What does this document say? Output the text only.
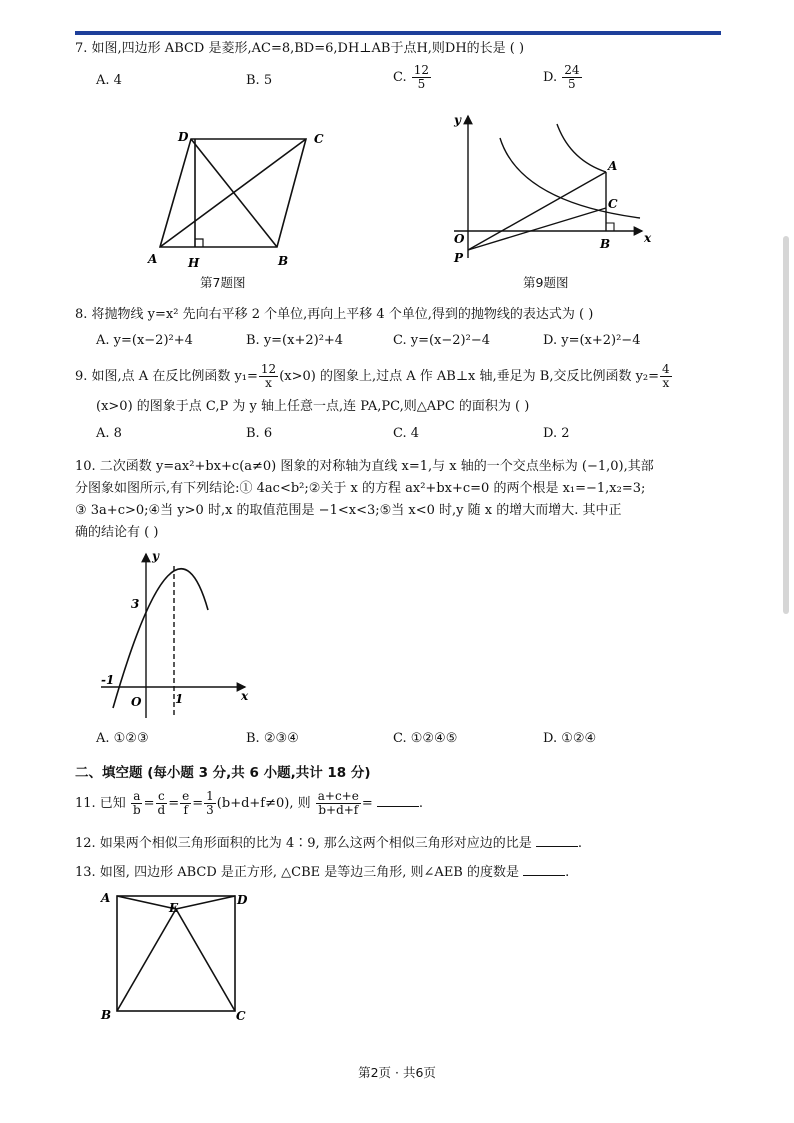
7. 如图,四边形 ABCD 是菱形,AC=8,BD=6,DH⊥AB于点H,则DH的长是 ( )
A. 4	B. 5	C. $\frac{12}{5}$	D. $\frac{24}{5}$
D	C
A	H	B
第7题图
y
x
O
P
A
C
B
第9题图
8. 将抛物线 y=x² 先向右平移 2 个单位,再向上平移 4 个单位,得到的抛物线的表达式为 ( )
A. y=(x−2)²+4	B. y=(x+2)²+4	C. y=(x−2)²−4	D. y=(x+2)²−4
9. 如图,点 A 在反比例函数 $y_1= \frac{12}{x} (x>0)$ 的图象上,过点 A 作 AB⊥x 轴,垂足为 B,交反比例函数 $y_2= \frac{4}{x}$
(x>0) 的图象于点 C,P 为 y 轴上任意一点,连 PA,PC,则△APC 的面积为 ( )
A. 8	B. 6	C. 4	D. 2
10. 二次函数 y=ax²+bx+c(a≠0) 图象的对称轴为直线 x=1,与 x 轴的一个交点坐标为 (−1,0),其部
分图象如图所示,有下列结论:① 4ac<b²;②关于 x 的方程 ax²+bx+c=0 的两个根是 x₁=−1,x₂=3;
③ 3a+c>0;④当 y>0 时,x 的取值范围是 −1<x<3;⑤当 x<0 时,y 随 x 的增大而增大. 其中正
确的结论有 ( )
y
x
3
-1
O	1
A. ①②③	B. ②③④	C. ①②④⑤	D. ①②④
二、填空题 (每小题 3 分,共 6 小题,共计 18 分)
11. 已知 $\frac{a}{b} = \frac{c}{d} = \frac{e}{f} = \frac{1}{3} (b+d+f\ne 0)$, 则 $\frac{a+c+e}{b+d+f}$ =	.
12. 如果两个相似三角形面积的比为 4∶9, 那么这两个相似三角形对应边的比是	.
13. 如图, 四边形 ABCD 是正方形, △CBE 是等边三角形, 则∠AEB 的度数是	.
A	D
E
B	C
第2页 · 共6页
